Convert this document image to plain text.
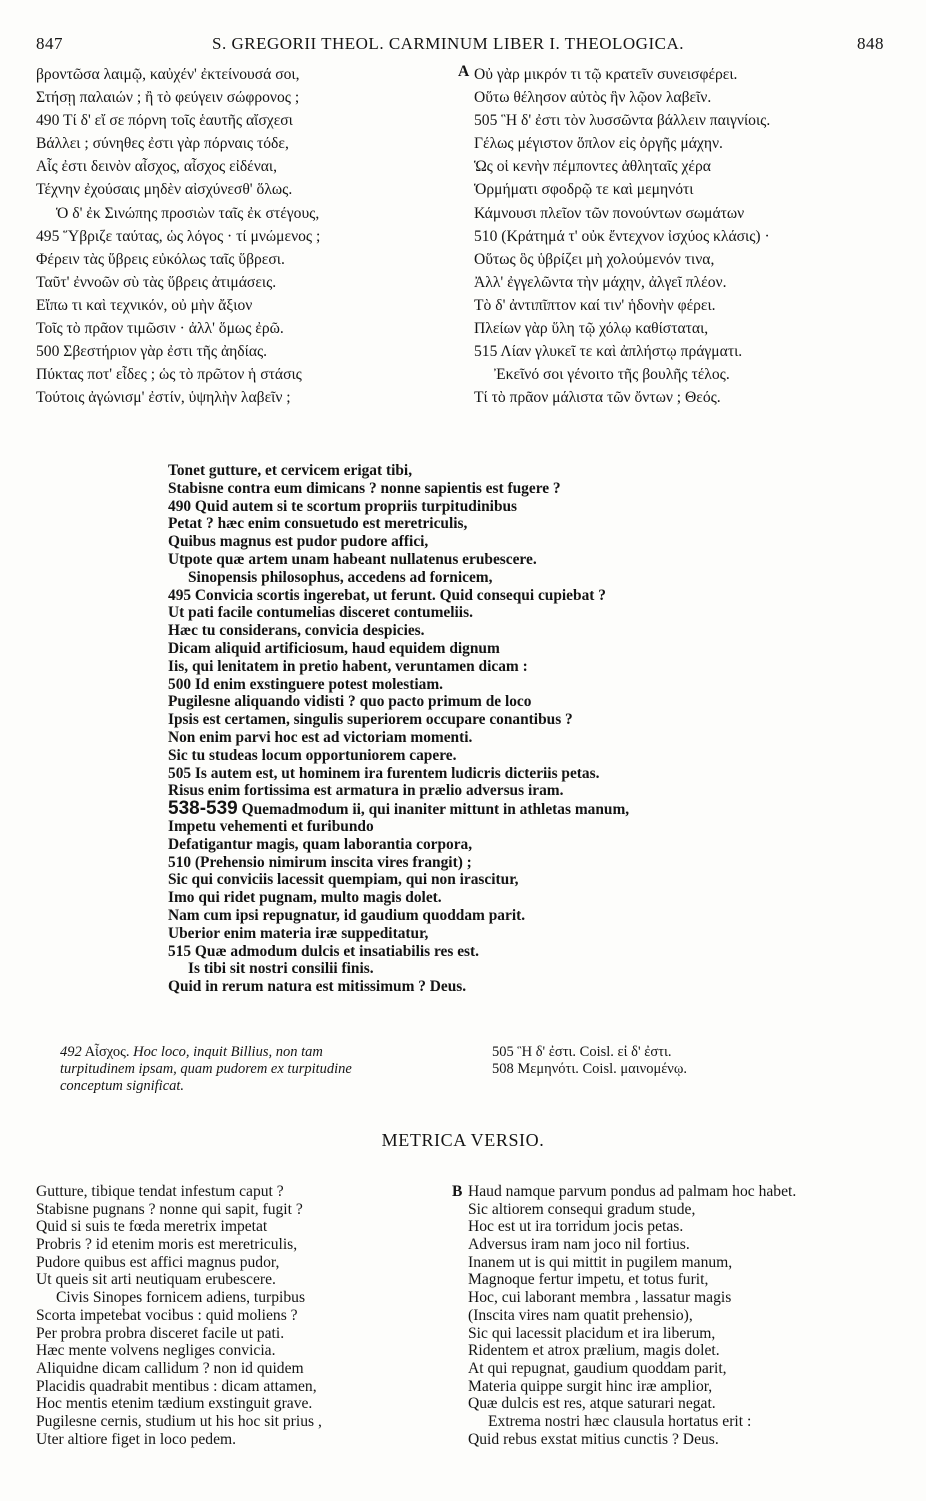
847	S. GREGORII THEOL. CARMINUM LIBER I. THEOLOGICA.	848
βροντῶσα λαιμῷ, καὐχέν' ἐκτείνουσά σοι,
Στήσῃ παλαιών ; ἢ τὸ φεύγειν σώφρονος ;
490 Τί δ' εἴ σε πόρνη τοῖς ἑαυτῆς αἴσχεσι
Βάλλει ; σύνηθες ἐστι γὰρ πόρναις τόδε,
Αἷς ἐστι δεινὸν αἶσχος, αἶσχος εἰδέναι,
Τέχνην ἐχούσαις μηδὲν αἰσχύνεσθ' ὅλως.
Ὁ δ' ἐκ Σινώπης προσιὼν ταῖς ἐκ στέγους,
495 Ὕβριζε ταύτας, ὡς λόγος · τί μνώμενος ;
Φέρειν τὰς ὕβρεις εὐκόλως ταῖς ὕβρεσι.
Ταῦτ' ἐννοῶν σὺ τὰς ὕβρεις ἀτιμάσεις.
Εἴπω τι καὶ τεχνικόν, οὐ μὴν ἄξιον
Τοῖς τὸ πρᾶον τιμῶσιν · ἀλλ' ὅμως ἐρῶ.
500 Σβεστήριον γὰρ ἐστι τῆς ἀηδίας.
Πύκτας ποτ' εἶδες ; ὡς τὸ πρῶτον ἡ στάσις
Τούτοις ἀγώνισμ' ἐστίν, ὑψηλὴν λαβεῖν ;
A Οὐ γὰρ μικρόν τι τῷ κρατεῖν συνεισφέρει.
Οὕτω θέλησον αὐτὸς ἣν λῷον λαβεῖν.
505 Ἣ δ' ἐστι τὸν λυσσῶντα βάλλειν παιγνίοις.
Γέλως μέγιστον ὅπλον εἰς ὀργῆς μάχην.
Ὡς οἱ κενὴν πέμποντες ἀθληταῖς χέρα
Ὁρμήματι σφοδρῷ τε καὶ μεμηνότι
Κάμνουσι πλεῖον τῶν πονούντων σωμάτων
510 (Κράτημά τ' οὐκ ἔντεχνον ἰσχύος κλάσις) ·
Οὕτως ὃς ὑβρίζει μὴ χολούμενόν τινα,
Ἀλλ' ἐγγελῶντα τὴν μάχην, ἀλγεῖ πλέον.
Τὸ δ' ἀντιπῖπτον καί τιν' ἡδονὴν φέρει.
Πλείων γὰρ ὕλη τῷ χόλῳ καθίσταται,
515 Λίαν γλυκεῖ τε καὶ ἀπλήστῳ πράγματι.
Ἐκεῖνό σοι γένοιτο τῆς βουλῆς τέλος.
Τί τὸ πρᾶον μάλιστα τῶν ὄντων ; Θεός.
Tonet gutture, et cervicem erigat tibi,
Stabisne contra eum dimicans ? nonne sapientis est fugere ?
490 Quid autem si te scortum propriis turpitudinibus
Petat ? hæc enim consuetudo est meretriculis,
Quibus magnus est pudor pudore affici,
Utpote quæ artem unam habeant nullatenus erubescere.
Sinopensis philosophus, accedens ad fornicem,
495 Convicia scortis ingerebat, ut ferunt. Quid consequi cupiebat ?
Ut pati facile contumelias disceret contumeliis.
Hæc tu considerans, convicia despicies.
Dicam aliquid artificiosum, haud equidem dignum
Iis, qui lenitatem in pretio habent, veruntamen dicam :
500 Id enim exstinguere potest molestiam.
Pugilesne aliquando vidisti ? quo pacto primum de loco
Ipsis est certamen, singulis superiorem occupare conantibus ?
Non enim parvi hoc est ad victoriam momenti.
Sic tu studeas locum opportuniorem capere.
505 Is autem est, ut hominem ira furentem ludicris dicteriis petas.
Risus enim fortissima est armatura in prælio adversus iram.
538-539 Quemadmodum ii, qui inaniter mittunt in athletas manum,
Impetu vehementi et furibundo
Defatigantur magis, quam laborantia corpora,
510 (Prehensio nimirum inscita vires frangit) ;
Sic qui conviciis lacessit quempiam, qui non irascitur,
Imo qui ridet pugnam, multo magis dolet.
Nam cum ipsi repugnatur, id gaudium quoddam parit.
Uberior enim materia iræ suppeditatur,
515 Quæ admodum dulcis et insatiabilis res est.
Is tibi sit nostri consilii finis.
Quid in rerum natura est mitissimum ? Deus.
492 Αἶσχος. Hoc loco, inquit Billius, non tam
turpitudinem ipsam, quam pudorem ex turpitudine
conceptum significat.
505 Ἣ δ' ἐστι. Coisl. εἰ δ' ἐστι.
508 Μεμηνότι. Coisl. μαινομένῳ.
METRICA VERSIO.
Gutture, tibique tendat infestum caput ?
Stabisne pugnans ? nonne qui sapit, fugit ?
Quid si suis te fœda meretrix impetat
Probris ? id etenim moris est meretriculis,
Pudore quibus est affici magnus pudor,
Ut queis sit arti neutiquam erubescere.
Civis Sinopes fornicem adiens, turpibus
Scorta impetebat vocibus : quid moliens ?
Per probra probra disceret facile ut pati.
Hæc mente volvens negliges convicia.
Aliquidne dicam callidum ? non id quidem
Placidis quadrabit mentibus : dicam attamen,
Hoc mentis etenim tædium exstinguit grave.
Pugilesne cernis, studium ut his hoc sit prius ,
Uter altiore figet in loco pedem.
B Haud namque parvum pondus ad palmam hoc habet.
Sic altiorem consequi gradum stude,
Hoc est ut ira torridum jocis petas.
Adversus iram nam joco nil fortius.
Inanem ut is qui mittit in pugilem manum,
Magnoque fertur impetu, et totus furit,
Hoc, cui laborant membra , lassatur magis
(Inscita vires nam quatit prehensio),
Sic qui lacessit placidum et ira liberum,
Ridentem et atrox prælium, magis dolet.
At qui repugnat, gaudium quoddam parit,
Materia quippe surgit hinc iræ amplior,
Quæ dulcis est res, atque saturari negat.
Extrema nostri hæc clausula hortatus erit :
Quid rebus exstat mitius cunctis ? Deus.
